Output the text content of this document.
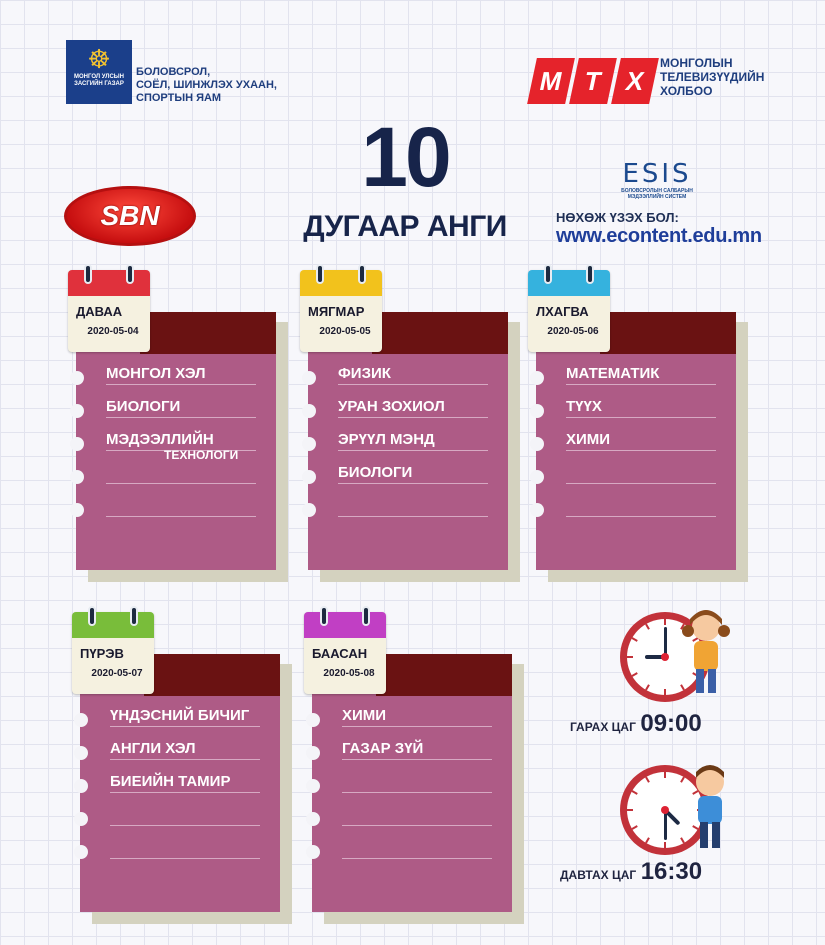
☸
МОНГОЛ УЛСЫН ЗАСГИЙН ГАЗАР
БОЛОВСРОЛ,
СОЁЛ, ШИНЖЛЭХ УХААН,
СПОРТЫН ЯАМ
М Т Х
МОНГОЛЫН
ТЕЛЕВИЗҮҮДИЙН
ХОЛБОО
10
ДУГААР АНГИ
SBN
ESIS
БОЛОВСРОЛЫН САЛБАРЫН
МЭДЭЭЛЛИЙН СИСТЕМ
НӨХӨЖ ҮЗЭХ БОЛ:
www.econtent.edu.mn
ДАВАА
2020-05-04
МОНГОЛ ХЭЛ
БИОЛОГИ
МЭДЭЭЛЛИЙН
ТЕХНОЛОГИ
МЯГМАР
2020-05-05
ФИЗИК
УРАН ЗОХИОЛ
ЭРҮҮЛ МЭНД
БИОЛОГИ
ЛХАГВА
2020-05-06
МАТЕМАТИК
ТҮҮХ
ХИМИ
ПҮРЭВ
2020-05-07
ҮНДЭСНИЙ БИЧИГ
АНГЛИ ХЭЛ
БИЕИЙН ТАМИР
БААСАН
2020-05-08
ХИМИ
ГАЗАР ЗҮЙ
ГАРАХ ЦАГ 09:00
ДАВТАХ ЦАГ 16:30
